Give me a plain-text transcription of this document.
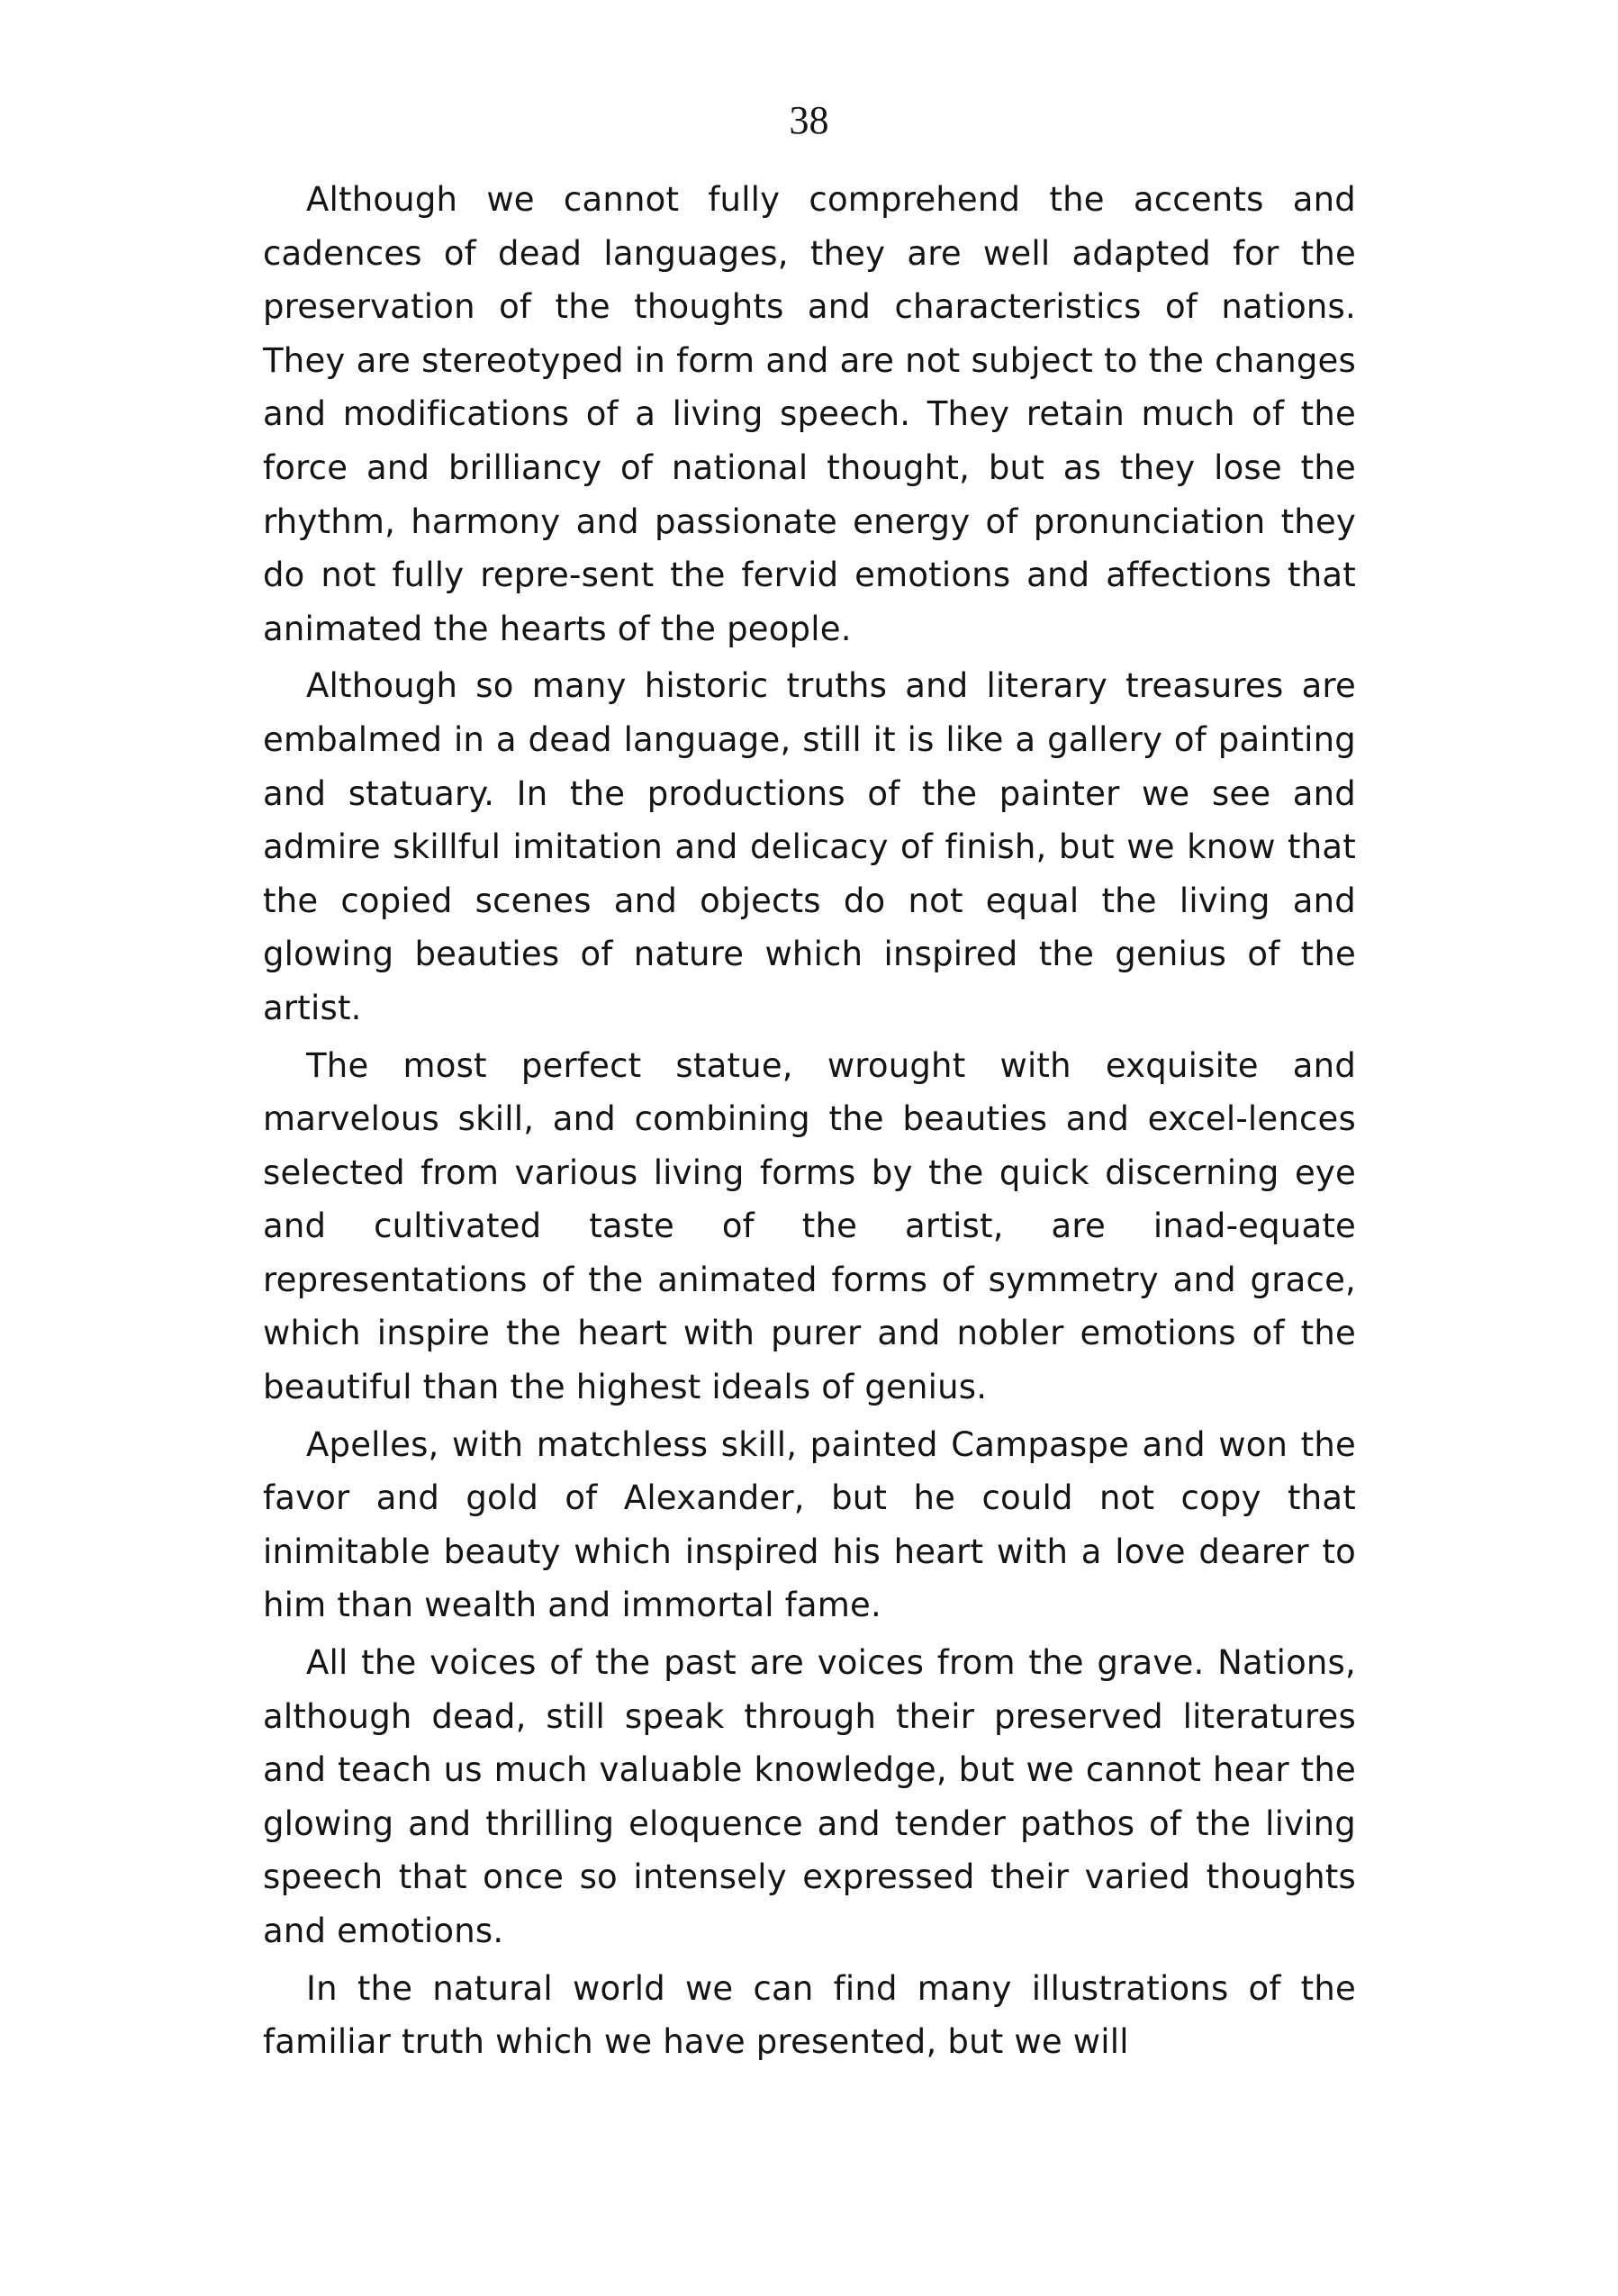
38

Although we cannot fully comprehend the accents and cadences of dead languages, they are well adapted for the preservation of the thoughts and characteristics of nations. They are stereotyped in form and are not subject to the changes and modifications of a living speech. They retain much of the force and brilliancy of national thought, but as they lose the rhythm, harmony and passionate energy of pronunciation they do not fully repre-sent the fervid emotions and affections that animated the hearts of the people.

Although so many historic truths and literary treasures are embalmed in a dead language, still it is like a gallery of painting and statuary. In the productions of the painter we see and admire skillful imitation and delicacy of finish, but we know that the copied scenes and objects do not equal the living and glowing beauties of nature which inspired the genius of the artist.

The most perfect statue, wrought with exquisite and marvelous skill, and combining the beauties and excel-lences selected from various living forms by the quick discerning eye and cultivated taste of the artist, are inad-equate representations of the animated forms of symmetry and grace, which inspire the heart with purer and nobler emotions of the beautiful than the highest ideals of genius.

Apelles, with matchless skill, painted Campaspe and won the favor and gold of Alexander, but he could not copy that inimitable beauty which inspired his heart with a love dearer to him than wealth and immortal fame.

All the voices of the past are voices from the grave. Nations, although dead, still speak through their preserved literatures and teach us much valuable knowledge, but we cannot hear the glowing and thrilling eloquence and tender pathos of the living speech that once so intensely expressed their varied thoughts and emotions.

In the natural world we can find many illustrations of the familiar truth which we have presented, but we will
